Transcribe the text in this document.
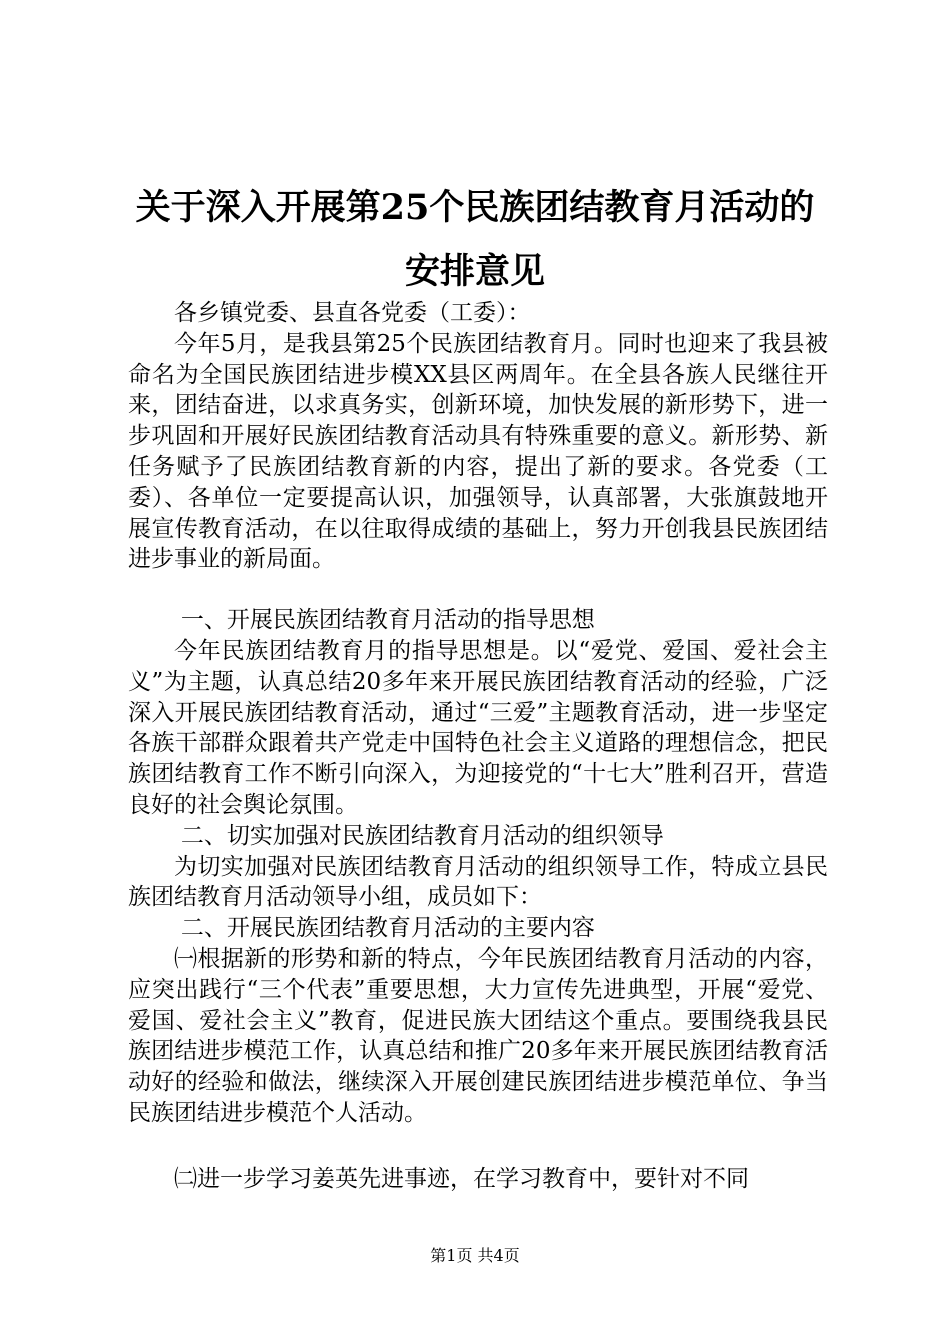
关于深入开展第25个民族团结教育月活动的
安排意见

各乡镇党委、县直各党委（工委）：

今年5月，是我县第25个民族团结教育月。同时也迎来了我县被命名为全国民族团结进步模XX县区两周年。在全县各族人民继往开来，团结奋进，以求真务实，创新环境，加快发展的新形势下，进一步巩固和开展好民族团结教育活动具有特殊重要的意义。新形势、新任务赋予了民族团结教育新的内容，提出了新的要求。各党委（工委）、各单位一定要提高认识，加强领导，认真部署，大张旗鼓地开展宣传教育活动，在以往取得成绩的基础上，努力开创我县民族团结进步事业的新局面。

一、开展民族团结教育月活动的指导思想

今年民族团结教育月的指导思想是。以“爱党、爱国、爱社会主义”为主题，认真总结20多年来开展民族团结教育活动的经验，广泛深入开展民族团结教育活动，通过“三爱”主题教育活动，进一步坚定各族干部群众跟着共产党走中国特色社会主义道路的理想信念，把民族团结教育工作不断引向深入，为迎接党的“十七大”胜利召开，营造良好的社会舆论氛围。

二、切实加强对民族团结教育月活动的组织领导

为切实加强对民族团结教育月活动的组织领导工作，特成立县民族团结教育月活动领导小组，成员如下：

二、开展民族团结教育月活动的主要内容

㈠根据新的形势和新的特点，今年民族团结教育月活动的内容，应突出践行“三个代表”重要思想，大力宣传先进典型，开展“爱党、爱国、爱社会主义”教育，促进民族大团结这个重点。要围绕我县民族团结进步模范工作，认真总结和推广20多年来开展民族团结教育活动好的经验和做法，继续深入开展创建民族团结进步模范单位、争当民族团结进步模范个人活动。

㈡进一步学习姜英先进事迹，在学习教育中，要针对不同

第1页 共4页
